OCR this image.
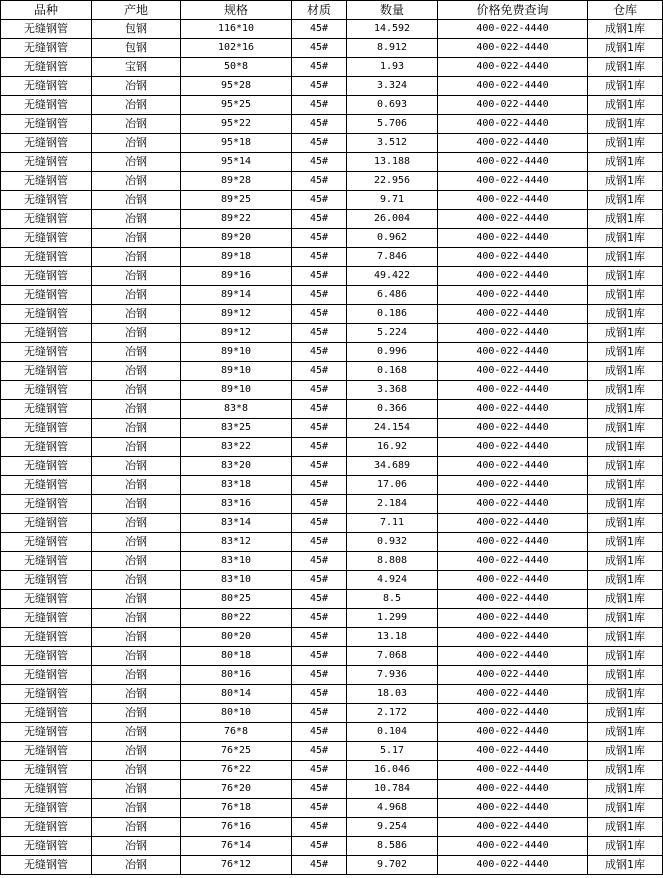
品种	产地	规格	材质	数量	价格免费查询	仓库
无缝钢管	包钢	116*10	45#	14.592	400-022-4440	成钢1库
无缝钢管	包钢	102*16	45#	8.912	400-022-4440	成钢1库
无缝钢管	宝钢	50*8	45#	1.93	400-022-4440	成钢1库
无缝钢管	冶钢	95*28	45#	3.324	400-022-4440	成钢1库
无缝钢管	冶钢	95*25	45#	0.693	400-022-4440	成钢1库
无缝钢管	冶钢	95*22	45#	5.706	400-022-4440	成钢1库
无缝钢管	冶钢	95*18	45#	3.512	400-022-4440	成钢1库
无缝钢管	冶钢	95*14	45#	13.188	400-022-4440	成钢1库
无缝钢管	冶钢	89*28	45#	22.956	400-022-4440	成钢1库
无缝钢管	冶钢	89*25	45#	9.71	400-022-4440	成钢1库
无缝钢管	冶钢	89*22	45#	26.004	400-022-4440	成钢1库
无缝钢管	冶钢	89*20	45#	0.962	400-022-4440	成钢1库
无缝钢管	冶钢	89*18	45#	7.846	400-022-4440	成钢1库
无缝钢管	冶钢	89*16	45#	49.422	400-022-4440	成钢1库
无缝钢管	冶钢	89*14	45#	6.486	400-022-4440	成钢1库
无缝钢管	冶钢	89*12	45#	0.186	400-022-4440	成钢1库
无缝钢管	冶钢	89*12	45#	5.224	400-022-4440	成钢1库
无缝钢管	冶钢	89*10	45#	0.996	400-022-4440	成钢1库
无缝钢管	冶钢	89*10	45#	0.168	400-022-4440	成钢1库
无缝钢管	冶钢	89*10	45#	3.368	400-022-4440	成钢1库
无缝钢管	冶钢	83*8	45#	0.366	400-022-4440	成钢1库
无缝钢管	冶钢	83*25	45#	24.154	400-022-4440	成钢1库
无缝钢管	冶钢	83*22	45#	16.92	400-022-4440	成钢1库
无缝钢管	冶钢	83*20	45#	34.689	400-022-4440	成钢1库
无缝钢管	冶钢	83*18	45#	17.06	400-022-4440	成钢1库
无缝钢管	冶钢	83*16	45#	2.184	400-022-4440	成钢1库
无缝钢管	冶钢	83*14	45#	7.11	400-022-4440	成钢1库
无缝钢管	冶钢	83*12	45#	0.932	400-022-4440	成钢1库
无缝钢管	冶钢	83*10	45#	8.808	400-022-4440	成钢1库
无缝钢管	冶钢	83*10	45#	4.924	400-022-4440	成钢1库
无缝钢管	冶钢	80*25	45#	8.5	400-022-4440	成钢1库
无缝钢管	冶钢	80*22	45#	1.299	400-022-4440	成钢1库
无缝钢管	冶钢	80*20	45#	13.18	400-022-4440	成钢1库
无缝钢管	冶钢	80*18	45#	7.068	400-022-4440	成钢1库
无缝钢管	冶钢	80*16	45#	7.936	400-022-4440	成钢1库
无缝钢管	冶钢	80*14	45#	18.03	400-022-4440	成钢1库
无缝钢管	冶钢	80*10	45#	2.172	400-022-4440	成钢1库
无缝钢管	冶钢	76*8	45#	0.104	400-022-4440	成钢1库
无缝钢管	冶钢	76*25	45#	5.17	400-022-4440	成钢1库
无缝钢管	冶钢	76*22	45#	16.046	400-022-4440	成钢1库
无缝钢管	冶钢	76*20	45#	10.784	400-022-4440	成钢1库
无缝钢管	冶钢	76*18	45#	4.968	400-022-4440	成钢1库
无缝钢管	冶钢	76*16	45#	9.254	400-022-4440	成钢1库
无缝钢管	冶钢	76*14	45#	8.586	400-022-4440	成钢1库
无缝钢管	冶钢	76*12	45#	9.702	400-022-4440	成钢1库
